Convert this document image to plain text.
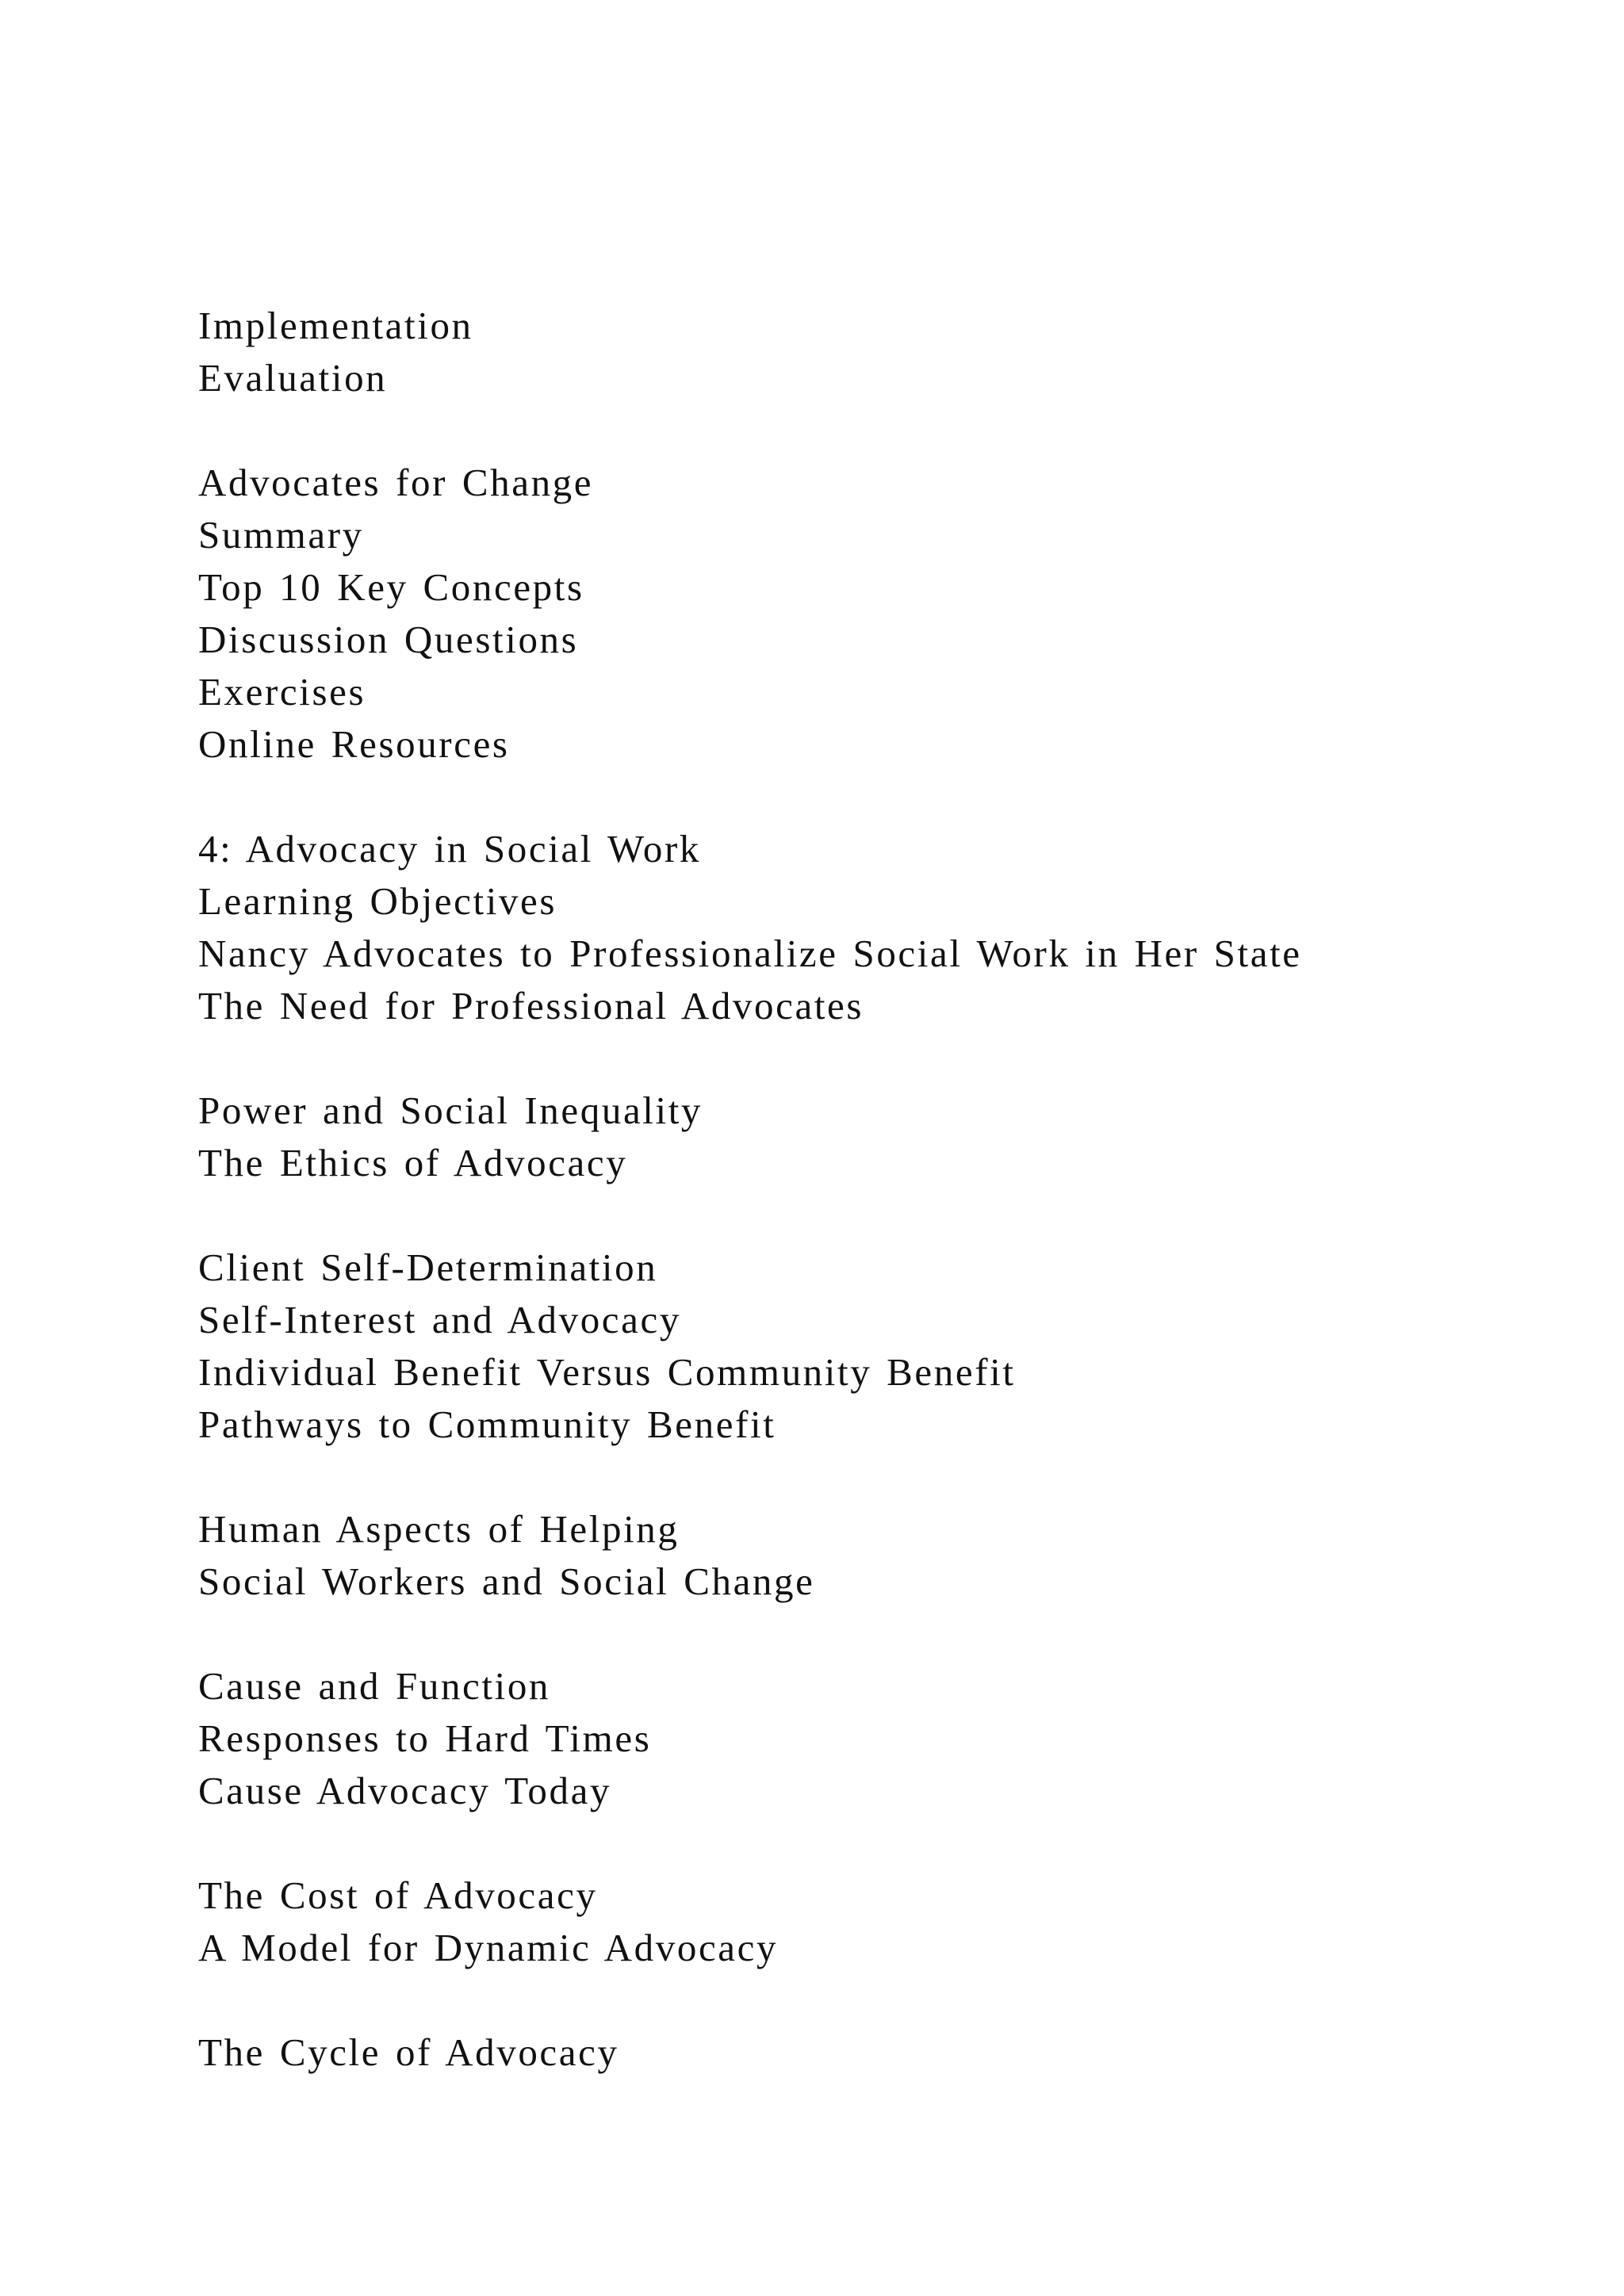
Implementation
Evaluation
Advocates for Change
Summary
Top 10 Key Concepts
Discussion Questions
Exercises
Online Resources
4: Advocacy in Social Work
Learning Objectives
Nancy Advocates to Professionalize Social Work in Her State
The Need for Professional Advocates
Power and Social Inequality
The Ethics of Advocacy
Client Self-Determination
Self-Interest and Advocacy
Individual Benefit Versus Community Benefit
Pathways to Community Benefit
Human Aspects of Helping
Social Workers and Social Change
Cause and Function
Responses to Hard Times
Cause Advocacy Today
The Cost of Advocacy
A Model for Dynamic Advocacy
The Cycle of Advocacy
